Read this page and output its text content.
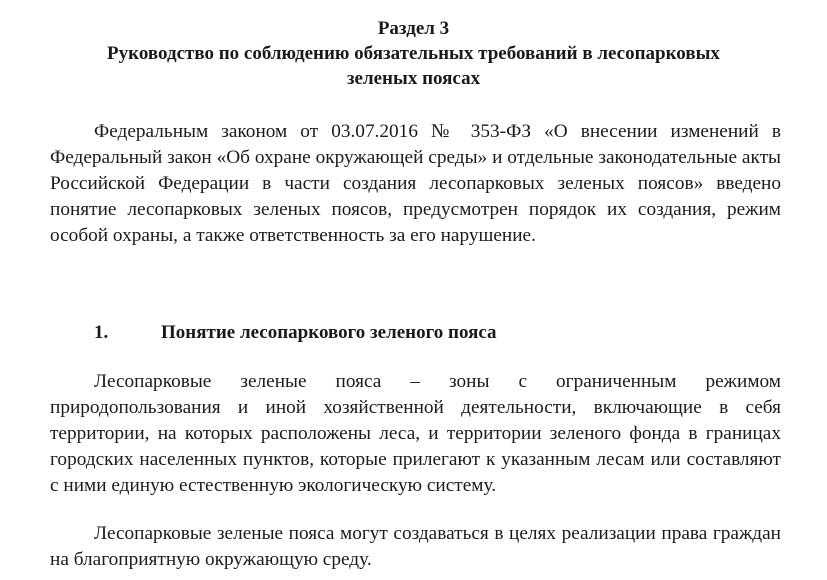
Раздел 3
Руководство по соблюдению обязательных требований в лесопарковых
зеленых поясах

Федеральным законом от 03.07.2016 № 353-ФЗ «О внесении изменений в Федеральный закон «Об охране окружающей среды» и отдельные законодательные акты Российской Федерации в части создания лесопарковых зеленых поясов» введено понятие лесопарковых зеленых поясов, предусмотрен порядок их создания, режим особой охраны, а также ответственность за его нарушение.

1.	Понятие лесопаркового зеленого пояса

Лесопарковые зеленые пояса – зоны с ограниченным режимом природопользования и иной хозяйственной деятельности, включающие в себя территории, на которых расположены леса, и территории зеленого фонда в границах городских населенных пунктов, которые прилегают к указанным лесам или составляют с ними единую естественную экологическую систему.

Лесопарковые зеленые пояса могут создаваться в целях реализации права граждан на благоприятную окружающую среду.
